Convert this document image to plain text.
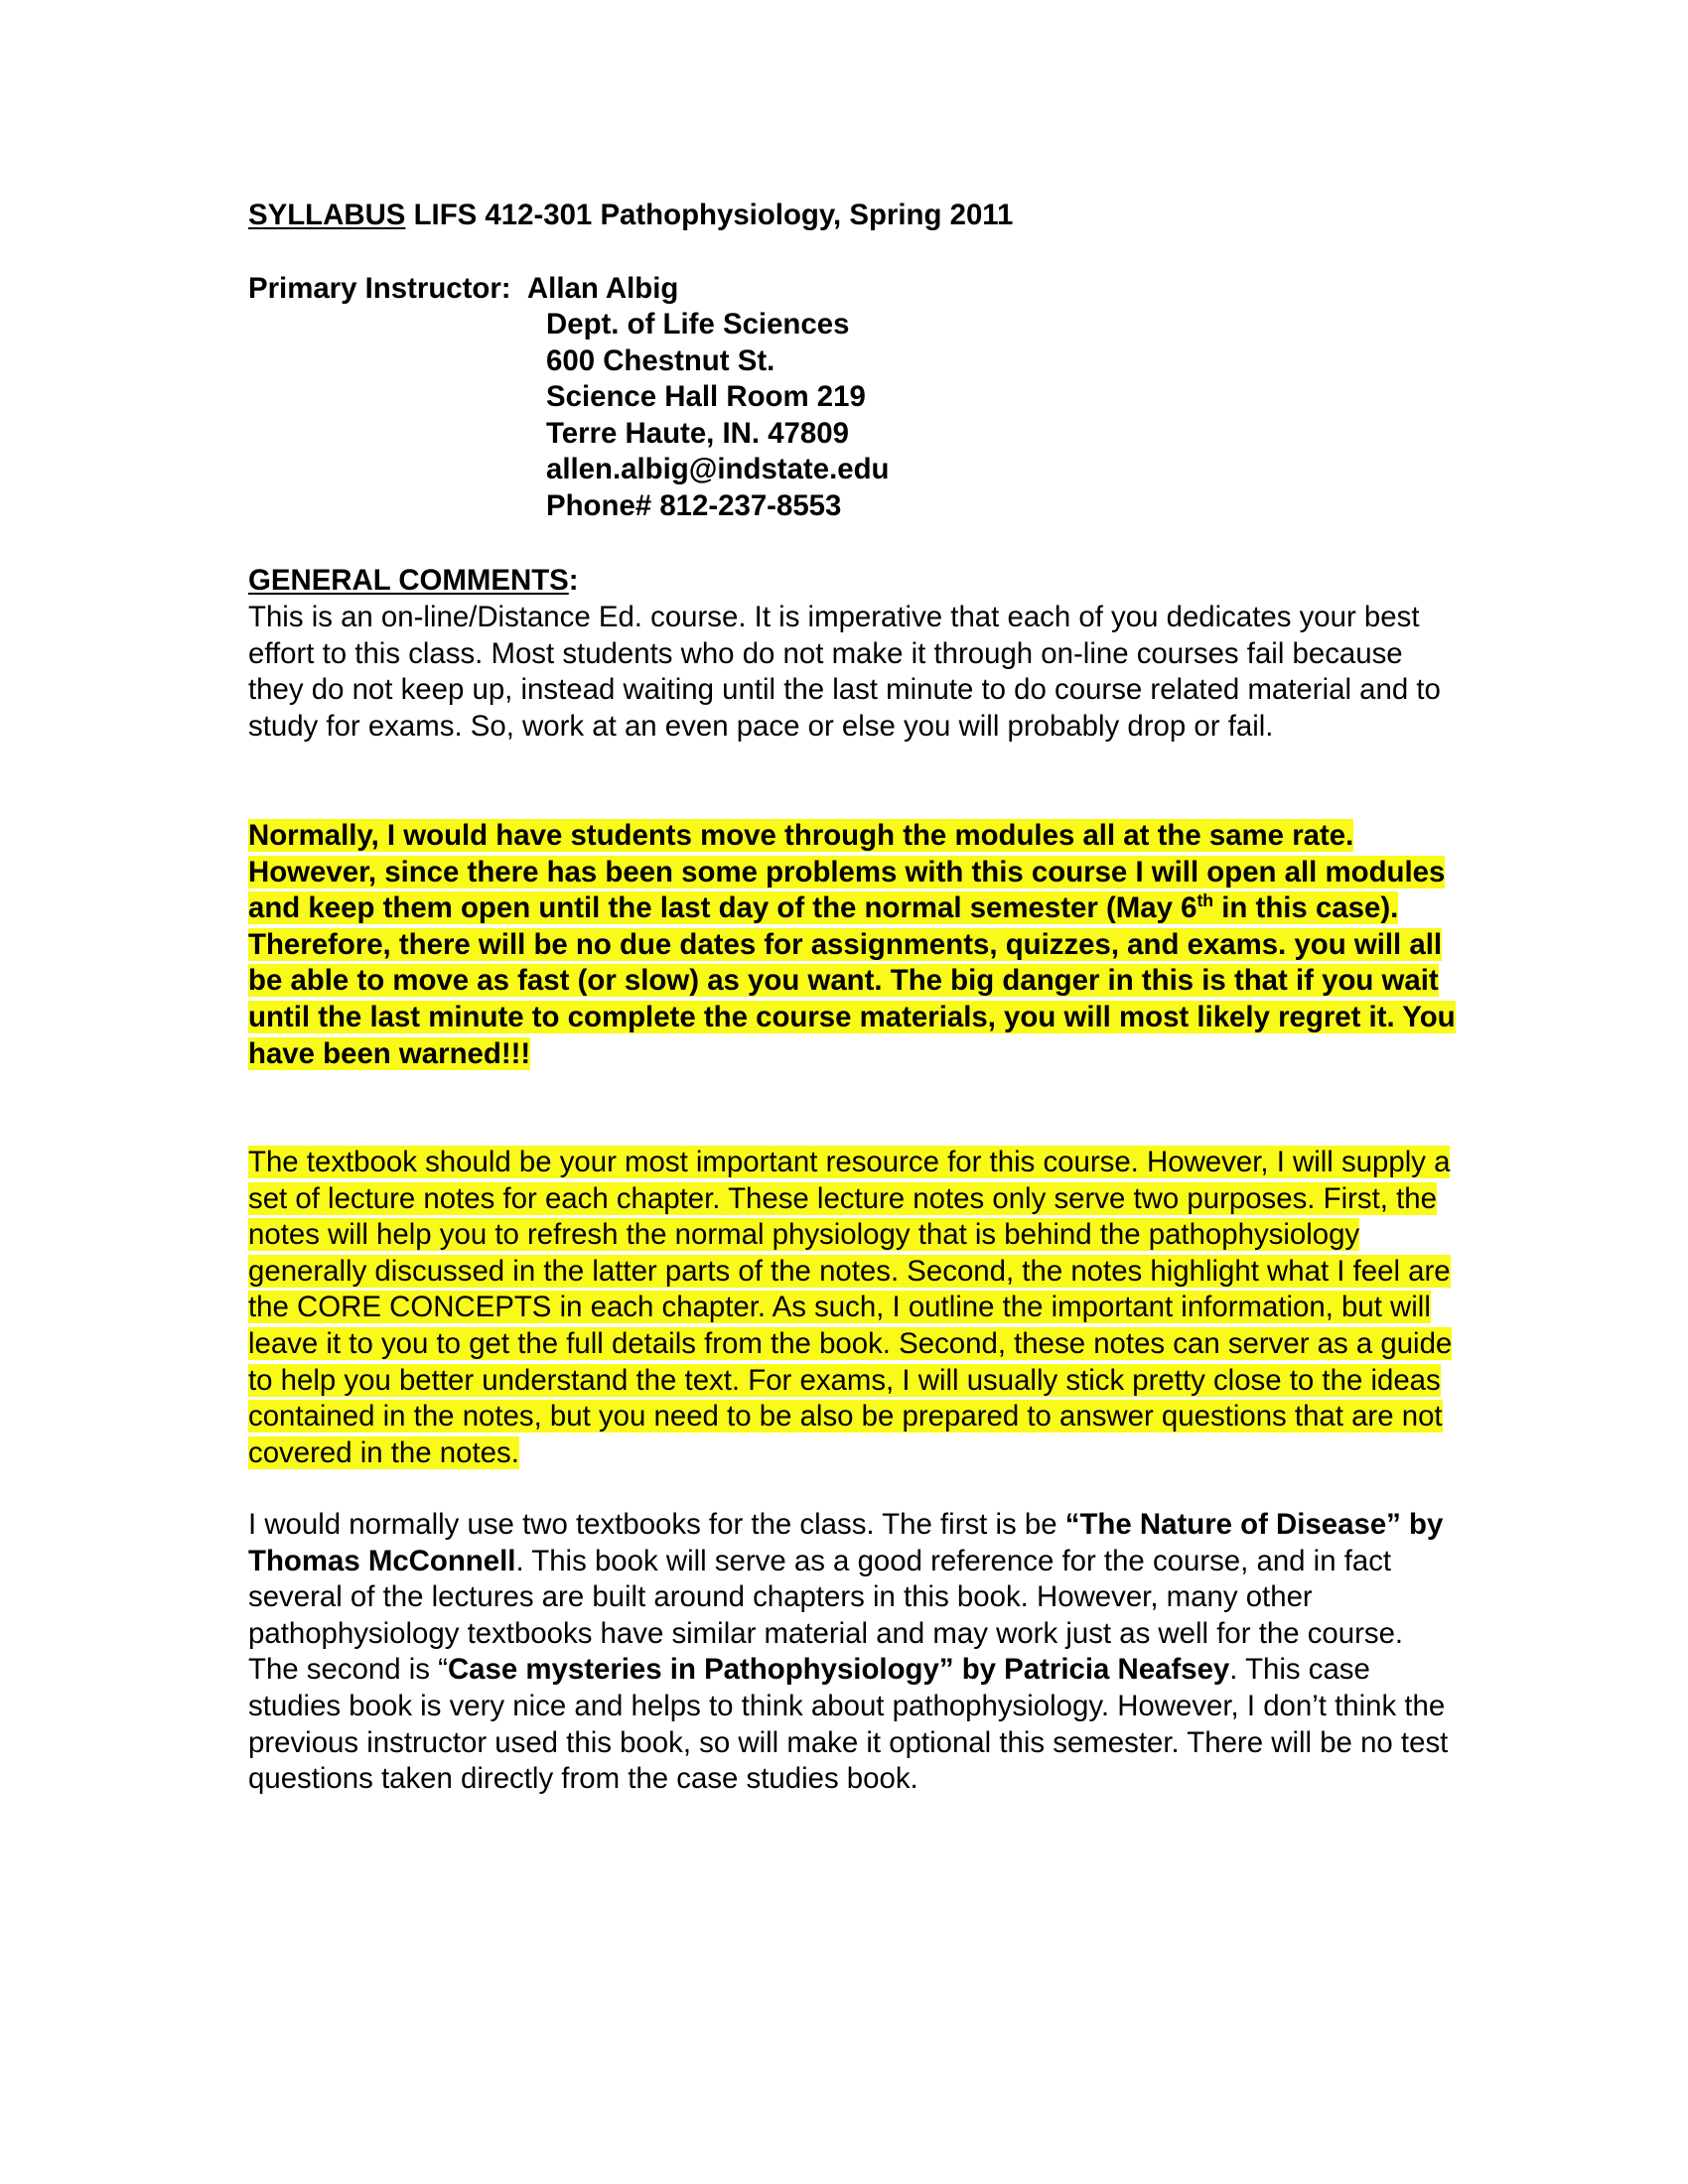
SYLLABUS LIFS 412-301 Pathophysiology, Spring 2011
Primary Instructor:  Allan Albig
Dept. of Life Sciences
600 Chestnut St.
Science Hall Room 219
Terre Haute, IN. 47809
allen.albig@indstate.edu
Phone# 812-237-8553
GENERAL COMMENTS:

This is an on-line/Distance Ed. course. It is imperative that each of you dedicates your best effort to this class. Most students who do not make it through on-line courses fail because they do not keep up, instead waiting until the last minute to do course related material and to study for exams. So, work at an even pace or else you will probably drop or fail.

Normally, I would have students move through the modules all at the same rate. However, since there has been some problems with this course I will open all modules and keep them open until the last day of the normal semester (May 6th in this case). Therefore, there will be no due dates for assignments, quizzes, and exams. you will all be able to move as fast (or slow) as you want. The big danger in this is that if you wait until the last minute to complete the course materials, you will most likely regret it. You have been warned!!!

The textbook should be your most important resource for this course. However, I will supply a set of lecture notes for each chapter. These lecture notes only serve two purposes. First, the notes will help you to refresh the normal physiology that is behind the pathophysiology generally discussed in the latter parts of the notes. Second, the notes highlight what I feel are the CORE CONCEPTS in each chapter. As such, I outline the important information, but will leave it to you to get the full details from the book. Second, these notes can server as a guide to help you better understand the text. For exams, I will usually stick pretty close to the ideas contained in the notes, but you need to be also be prepared to answer questions that are not covered in the notes.

I would normally use two textbooks for the class. The first is be “The Nature of Disease” by Thomas McConnell. This book will serve as a good reference for the course, and in fact several of the lectures are built around chapters in this book. However, many other pathophysiology textbooks have similar material and may work just as well for the course. The second is “Case mysteries in Pathophysiology” by Patricia Neafsey. This case studies book is very nice and helps to think about pathophysiology. However, I don’t think the previous instructor used this book, so will make it optional this semester. There will be no test questions taken directly from the case studies book.
